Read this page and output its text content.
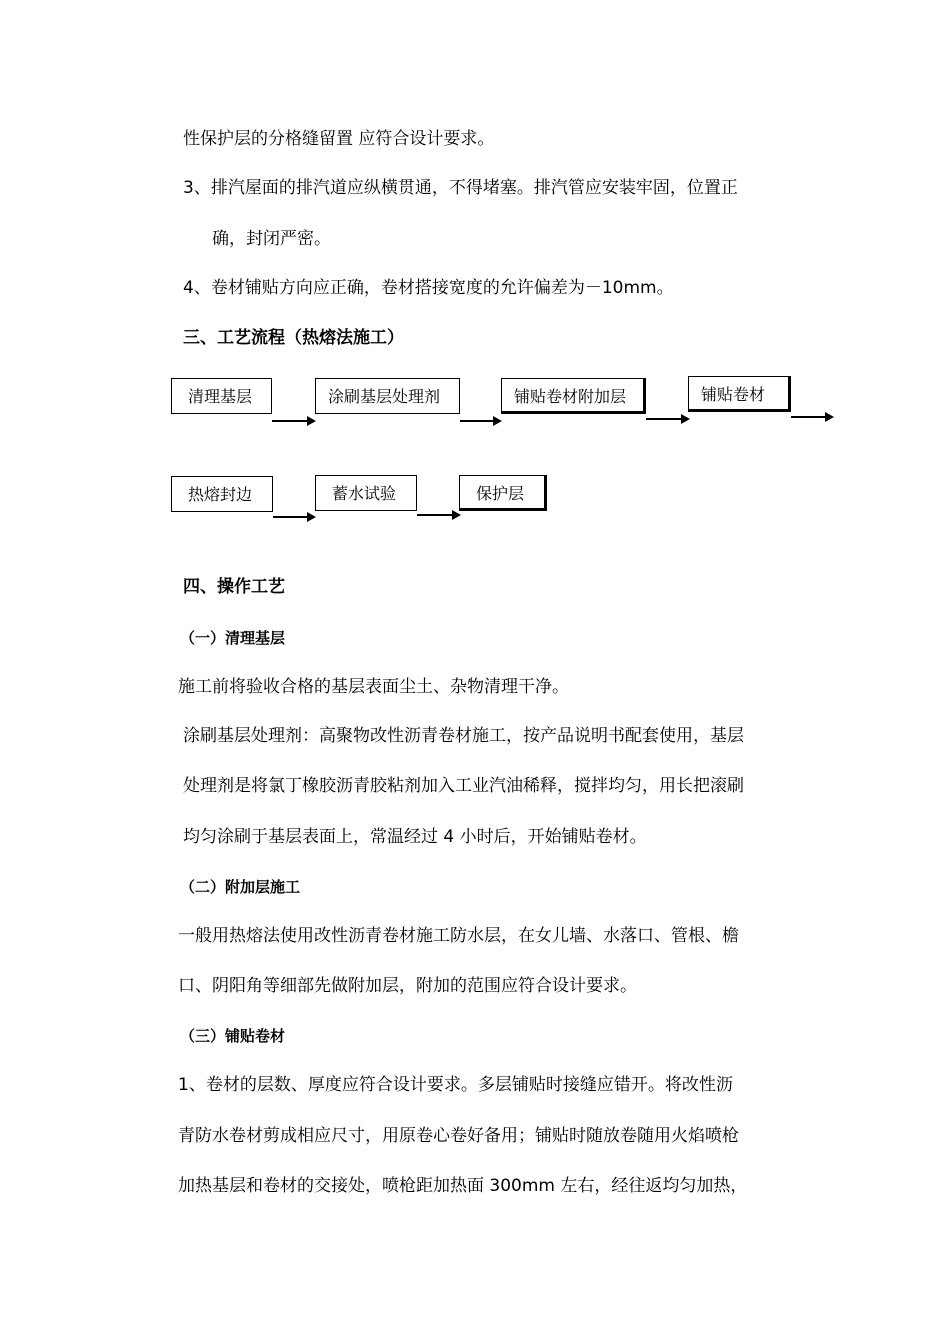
性保护层的分格缝留置 应符合设计要求。
3、排汽屋面的排汽道应纵横贯通，不得堵塞。排汽管应安装牢固，位置正
确，封闭严密。
4、卷材铺贴方向应正确，卷材搭接宽度的允许偏差为－10mm。
三、工艺流程（热熔法施工）
清理基层	涂刷基层处理剂	铺贴卷材附加层	铺贴卷材
热熔封边	蓄水试验	保护层
四、操作工艺
（一）清理基层
施工前将验收合格的基层表面尘土、杂物清理干净。
涂刷基层处理剂：高聚物改性沥青卷材施工，按产品说明书配套使用，基层
处理剂是将氯丁橡胶沥青胶粘剂加入工业汽油稀释，搅拌均匀，用长把滚刷
均匀涂刷于基层表面上，常温经过 4 小时后，开始铺贴卷材。
（二）附加层施工
一般用热熔法使用改性沥青卷材施工防水层，在女儿墙、水落口、管根、檐
口、阴阳角等细部先做附加层，附加的范围应符合设计要求。
（三）铺贴卷材
1、卷材的层数、厚度应符合设计要求。多层铺贴时接缝应错开。将改性沥
青防水卷材剪成相应尺寸，用原卷心卷好备用；铺贴时随放卷随用火焰喷枪
加热基层和卷材的交接处，喷枪距加热面 300mm 左右，经往返均匀加热，
